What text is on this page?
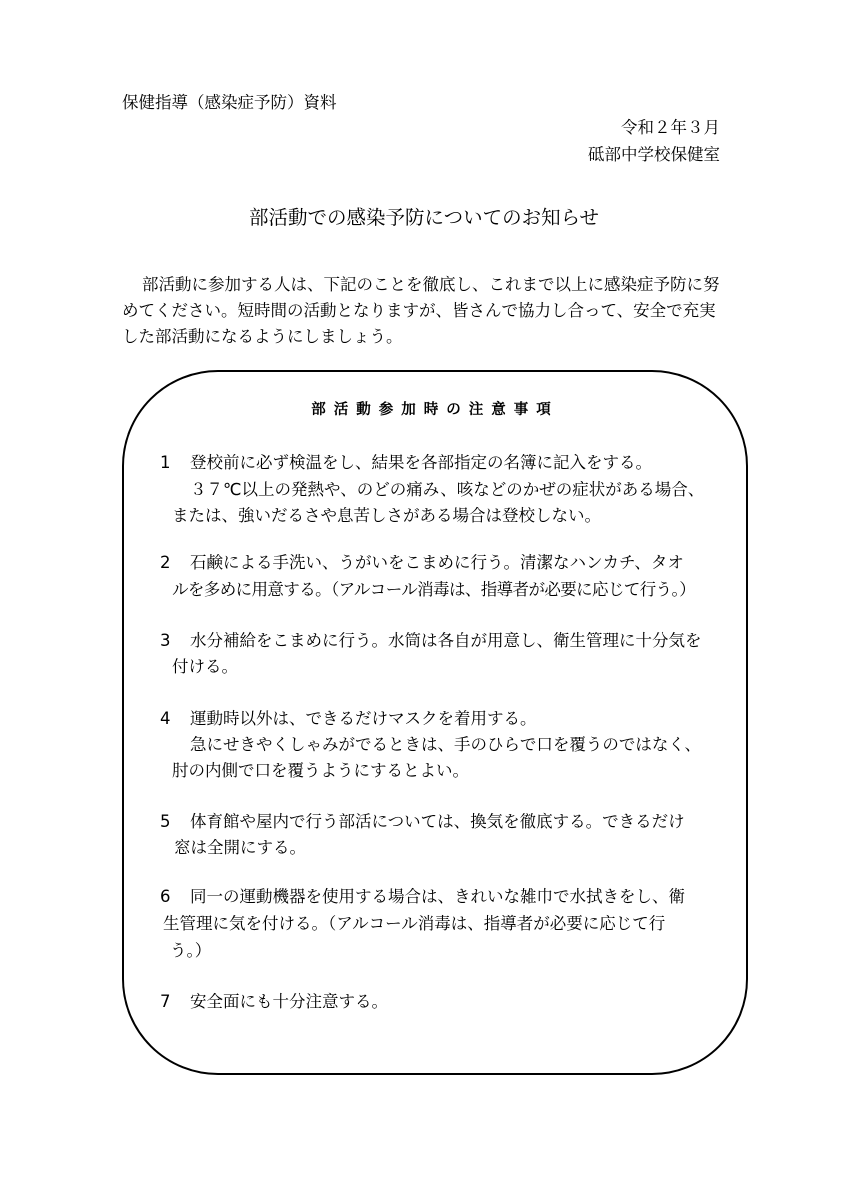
保健指導（感染症予防）資料
令和２年３月
砥部中学校保健室
部活動での感染予防についてのお知らせ
部活動に参加する人は、下記のことを徹底し、これまで以上に感染症予防に努
めてください。短時間の活動となりますが、皆さんで協力し合って、安全で充実
した部活動になるようにしましょう。
部活動参加時の注意事項
1 登校前に必ず検温をし、結果を各部指定の名簿に記入をする。
３７℃以上の発熱や、のどの痛み、咳などのかぜの症状がある場合、
または、強いだるさや息苦しさがある場合は登校しない。
2 石鹸による手洗い、うがいをこまめに行う。清潔なハンカチ、タオ
ルを多めに用意する。（アルコール消毒は、指導者が必要に応じて行う。）
3 水分補給をこまめに行う。水筒は各自が用意し、衛生管理に十分気を
付ける。
4 運動時以外は、できるだけマスクを着用する。
急にせきやくしゃみがでるときは、手のひらで口を覆うのではなく、
肘の内側で口を覆うようにするとよい。
5 体育館や屋内で行う部活については、換気を徹底する。できるだけ
窓は全開にする。
6 同一の運動機器を使用する場合は、きれいな雑巾で水拭きをし、衛
生管理に気を付ける。（アルコール消毒は、指導者が必要に応じて行
う。）
7 安全面にも十分注意する。
